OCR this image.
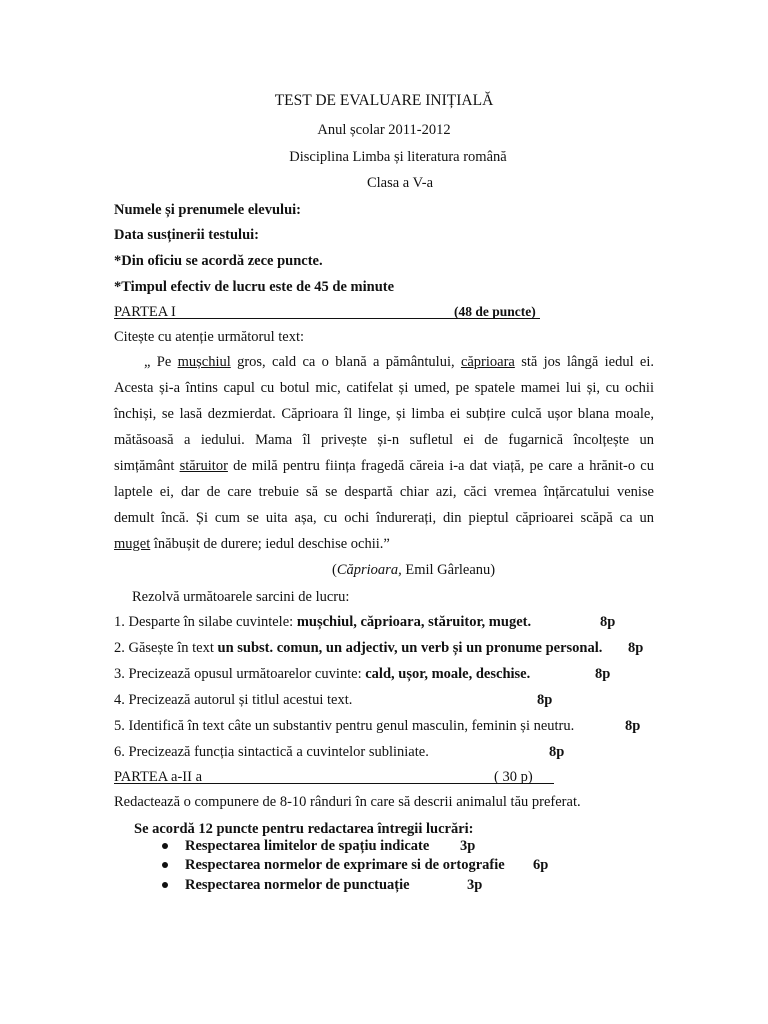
TEST DE EVALUARE INIȚIALĂ
Anul școlar 2011-2012
Disciplina Limba și literatura română
Clasa a V-a
Numele și prenumele elevului:
Data susținerii testului:
*Din oficiu se acordă zece puncte.
*Timpul efectiv de lucru este de 45 de minute
PARTEA I	(48 de puncte)
Citește cu atenție următorul text:
„ Pe mușchiul gros, cald ca o blană a pământului, căprioara stă jos lângă iedul ei.
Acesta și-a întins capul cu botul mic, catifelat și umed, pe spatele mamei lui și, cu ochii
închiși, se lasă dezmierdat. Căprioara îl linge, și limba ei subțire culcă ușor blana moale,
mătăsoasă a iedului. Mama îl privește și-n sufletul ei de fugarnică încolțește un
simțământ stăruitor de milă pentru ființa fragedă căreia i-a dat viață, pe care a hrănit-o cu
laptele ei, dar de care trebuie să se despartă chiar azi, căci vremea înțărcatului venise
demult încă. Și cum se uita așa, cu ochi îndurerați, din pieptul căprioarei scăpă ca un
muget înăbușit de durere; iedul deschise ochii.”
(Căprioara, Emil Gârleanu)
Rezolvă următoarele sarcini de lucru:
1. Desparte în silabe cuvintele: mușchiul, căprioara, stăruitor, muget.	8p
2. Găsește în text un subst. comun, un adjectiv, un verb și un pronume personal. 8p
3. Precizează opusul următoarelor cuvinte: cald, ușor, moale, deschise.	8p
4. Precizează autorul și titlul acestui text.	8p
5. Identifică în text câte un substantiv pentru genul masculin, feminin și neutru.	8p
6. Precizează funcția sintactică a cuvintelor subliniate.	8p
PARTEA a-II a	( 30 p)
Redactează o compunere de 8-10 rânduri în care să descrii animalul tău preferat.
Se acordă 12 puncte pentru redactarea întregii lucrări:
Respectarea limitelor de spațiu indicate 3p
Respectarea normelor de exprimare si de ortografie 6p
Respectarea normelor de punctuație	3p
